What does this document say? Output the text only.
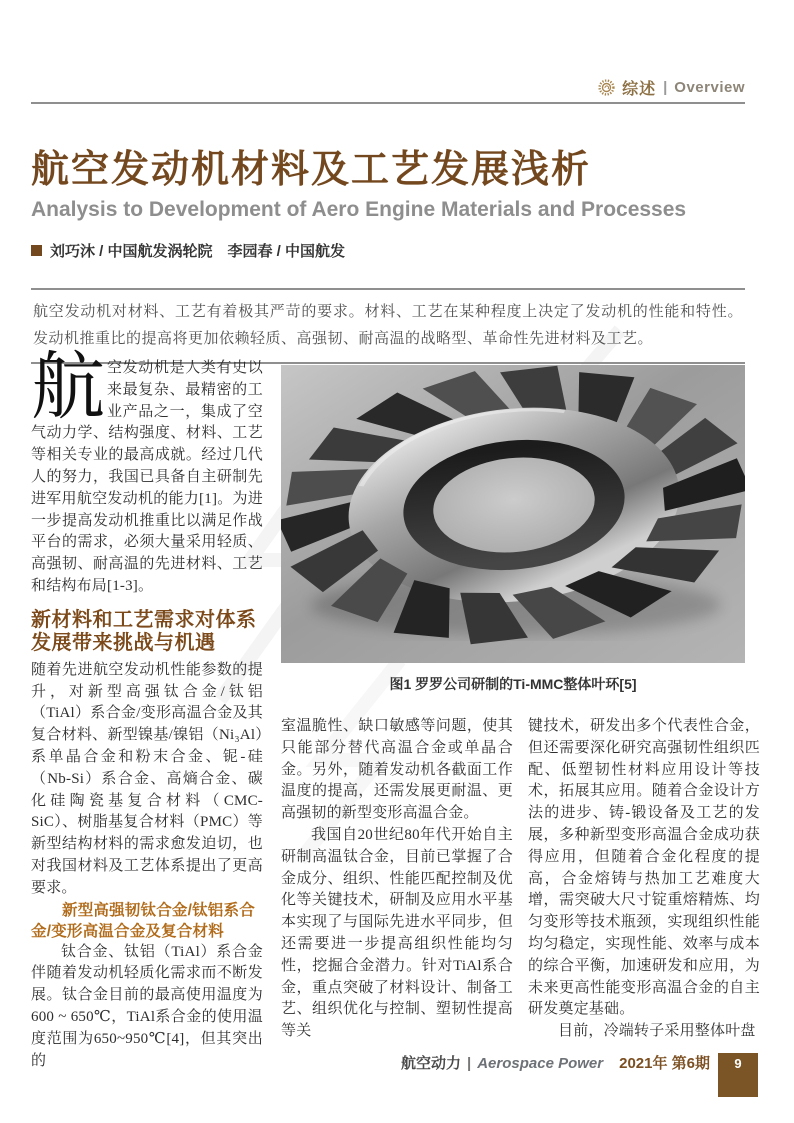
综述 | Overview
航空发动机材料及工艺发展浅析
Analysis to Development of Aero Engine Materials and Processes
刘巧沐 / 中国航发涡轮院　李园春 / 中国航发
航空发动机对材料、工艺有着极其严苛的要求。材料、工艺在某种程度上决定了发动机的性能和特性。发动机推重比的提高将更加依赖轻质、高强韧、耐高温的战略型、革命性先进材料及工艺。

航空发动机是人类有史以来最复杂、最精密的工业产品之一，集成了空气动力学、结构强度、材料、工艺等相关专业的最高成就。经过几代人的努力，我国已具备自主研制先进军用航空发动机的能力[1]。为进一步提高发动机推重比以满足作战平台的需求，必须大量采用轻质、高强韧、耐高温的先进材料、工艺和结构布局[1-3]。

新材料和工艺需求对体系
发展带来挑战与机遇

随着先进航空发动机性能参数的提升，对新型高强钛合金/钛铝（TiAl）系合金/变形高温合金及其复合材料、新型镍基/镍铝（Ni₃Al）系单晶合金和粉末合金、铌-硅（Nb-Si）系合金、高熵合金、碳化硅陶瓷基复合材料（CMC-SiC）、树脂基复合材料（PMC）等新型结构材料的需求愈发迫切，也对我国材料及工艺体系提出了更高要求。

新型高强韧钛合金/钛铝系合金/变形高温合金及复合材料

钛合金、钛铝（TiAl）系合金伴随着发动机轻质化需求而不断发展。钛合金目前的最高使用温度为600 ~ 650℃，TiAl系合金的使用温度范围为650~950℃[4]，但其突出的

图1 罗罗公司研制的Ti-MMC整体叶环[5]

室温脆性、缺口敏感等问题，使其只能部分替代高温合金或单晶合金。另外，随着发动机各截面工作温度的提高，还需发展更耐温、更高强韧的新型变形高温合金。

我国自20世纪80年代开始自主研制高温钛合金，目前已掌握了合金成分、组织、性能匹配控制及优化等关键技术，研制及应用水平基本实现了与国际先进水平同步，但还需要进一步提高组织性能均匀性，挖掘合金潜力。针对TiAl系合金，重点突破了材料设计、制备工艺、组织优化与控制、塑韧性提高等关

键技术，研发出多个代表性合金，但还需要深化研究高强韧性组织匹配、低塑韧性材料应用设计等技术，拓展其应用。随着合金设计方法的进步、铸-锻设备及工艺的发展，多种新型变形高温合金成功获得应用，但随着合金化程度的提高，合金熔铸与热加工艺难度大增，需突破大尺寸锭重熔精炼、均匀变形等技术瓶颈，实现组织性能均匀稳定，实现性能、效率与成本的综合平衡，加速研发和应用，为未来更高性能变形高温合金的自主研发奠定基础。

目前，冷端转子采用整体叶盘

航空动力 | Aerospace Power 2021年 第6期	9
